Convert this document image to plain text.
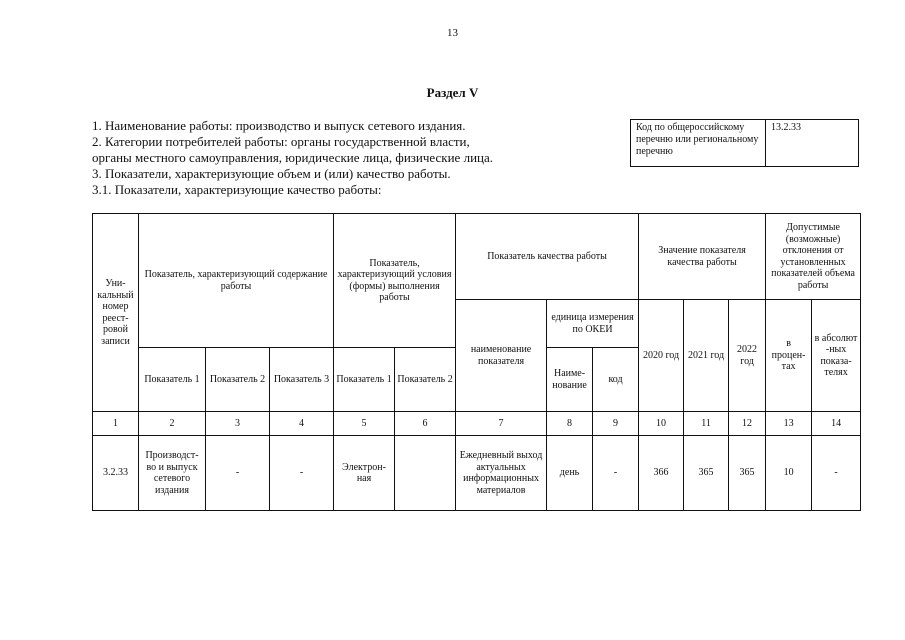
13
Раздел V
1. Наименование работы: производство и выпуск сетевого издания.
2. Категории потребителей работы: органы государственной власти,
органы местного самоуправления, юридические лица, физические лица.
3. Показатели, характеризующие объем и (или) качество работы.
3.1. Показатели, характеризующие качество работы:
Код по общероссийскому перечню или региональному перечню
13.2.33
Уни-кальный номер реест-ровой записи	Показатель, характеризующий содержание работы			Показатель, характеризующий условия (формы) выполнения работы		Показатель качества работы			Значение показателя качества работы			Допустимые (возможные) отклонения от установленных показателей объема работы	
						наименование показателя	единица измерения по ОКЕИ		2020 год	2021 год	2022 год	в процен-тах	в абсолют -ных показа-телях
	Показатель 1	Показатель 2	Показатель 3	Показатель 1	Показатель 2		Наиме-нование	код					
1	2	3	4	5	6	7	8	9	10	11	12	13	14
3.2.33	Производст-во и выпуск сетевого издания	-	-	Электрон-ная		Ежедневный выход актуальных информационных материалов	день	-	366	365	365	10	-
